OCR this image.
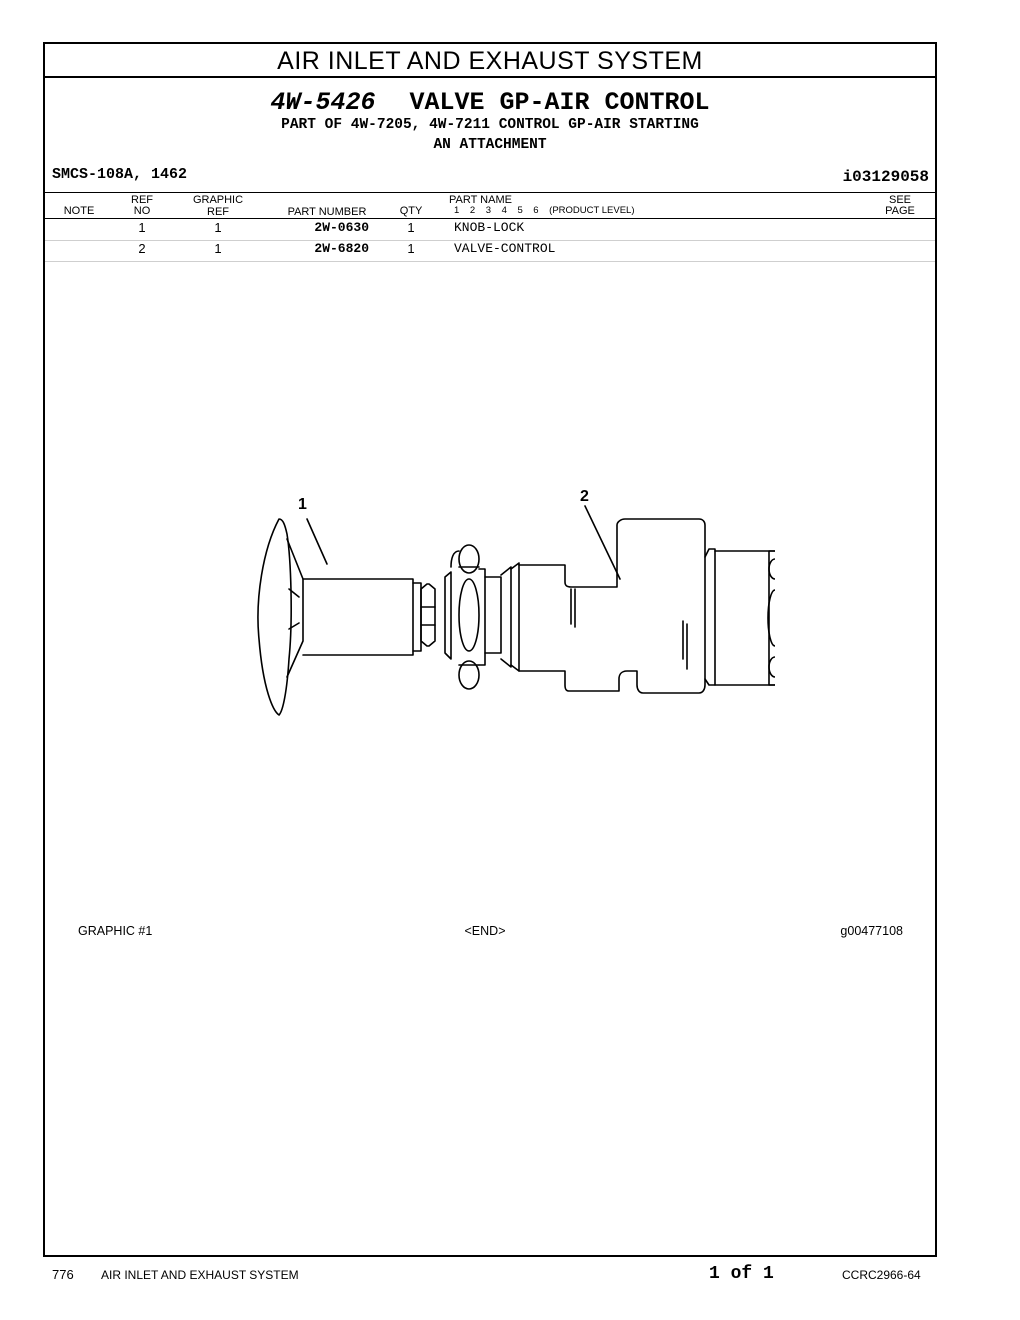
AIR INLET AND EXHAUST SYSTEM
4W-5426 VALVE GP-AIR CONTROL
PART OF 4W-7205, 4W-7211 CONTROL GP-AIR STARTING
AN ATTACHMENT
SMCS-108A, 1462	i03129058
NOTE
REF
NO
GRAPHIC
REF	PART NUMBER	QTY
PART NAME
1 2 3 4 5 6 (PRODUCT LEVEL)
SEE
PAGE
1	1	2W-0630	1	KNOB-LOCK
2	1	2W-6820	1	VALVE-CONTROL
1	2
GRAPHIC #1	<END>	g00477108
776 AIR INLET AND EXHAUST SYSTEM	1 of 1	CCRC2966-64
